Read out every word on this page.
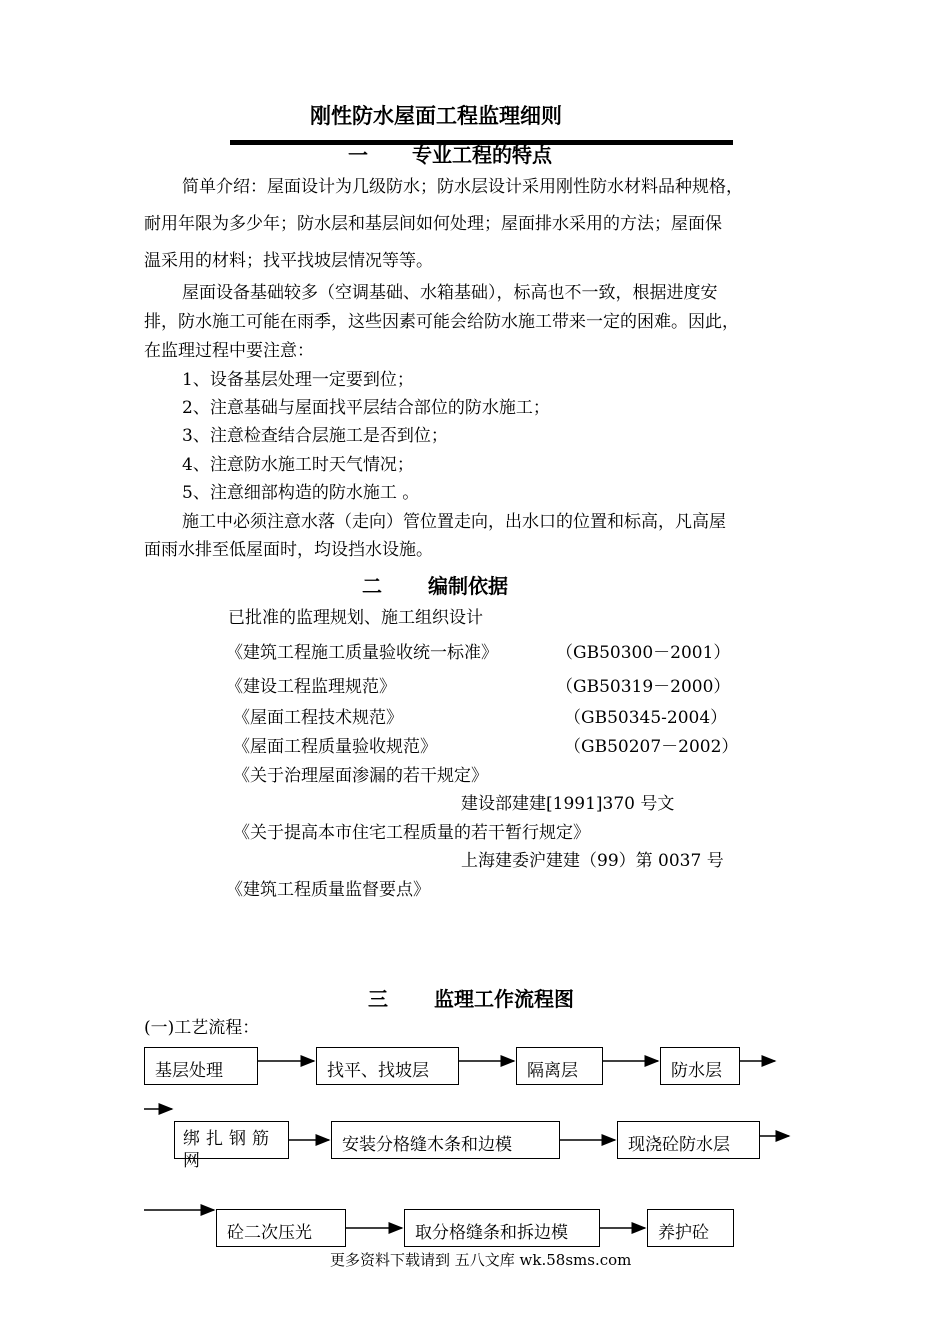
刚性防水屋面工程监理细则
一 专业工程的特点
简单介绍：屋面设计为几级防水；防水层设计采用刚性防水材料品种规格，
耐用年限为多少年；防水层和基层间如何处理；屋面排水采用的方法；屋面保
温采用的材料；找平找坡层情况等等。
屋面设备基础较多（空调基础、水箱基础），标高也不一致，根据进度安
排，防水施工可能在雨季，这些因素可能会给防水施工带来一定的困难。因此，
在监理过程中要注意：
1、设备基层处理一定要到位；
2、注意基础与屋面找平层结合部位的防水施工；
3、注意检查结合层施工是否到位；
4、注意防水施工时天气情况；
5、注意细部构造的防水施工 。
施工中必须注意水落（走向）管位置走向，出水口的位置和标高，凡高屋
面雨水排至低屋面时，均设挡水设施。
二 编制依据
已批准的监理规划、施工组织设计
《建筑工程施工质量验收统一标准》	（GB50300－2001）
《建设工程监理规范》	（GB50319－2000）
《屋面工程技术规范》	（GB50345-2004）
《屋面工程质量验收规范》	（GB50207－2002）
《关于治理屋面渗漏的若干规定》
建设部建建[1991]370 号文
《关于提高本市住宅工程质量的若干暂行规定》
上海建委沪建建（99）第 0037 号
《建筑工程质量监督要点》
三 监理工作流程图
(一)工艺流程：
基层处理	找平、找坡层	隔离层	防水层
绑扎钢筋网
安装分格缝木条和边模	现浇砼防水层
砼二次压光	取分格缝条和拆边模	养护砼
更多资料下载请到 五八文库 wk.58sms.com
